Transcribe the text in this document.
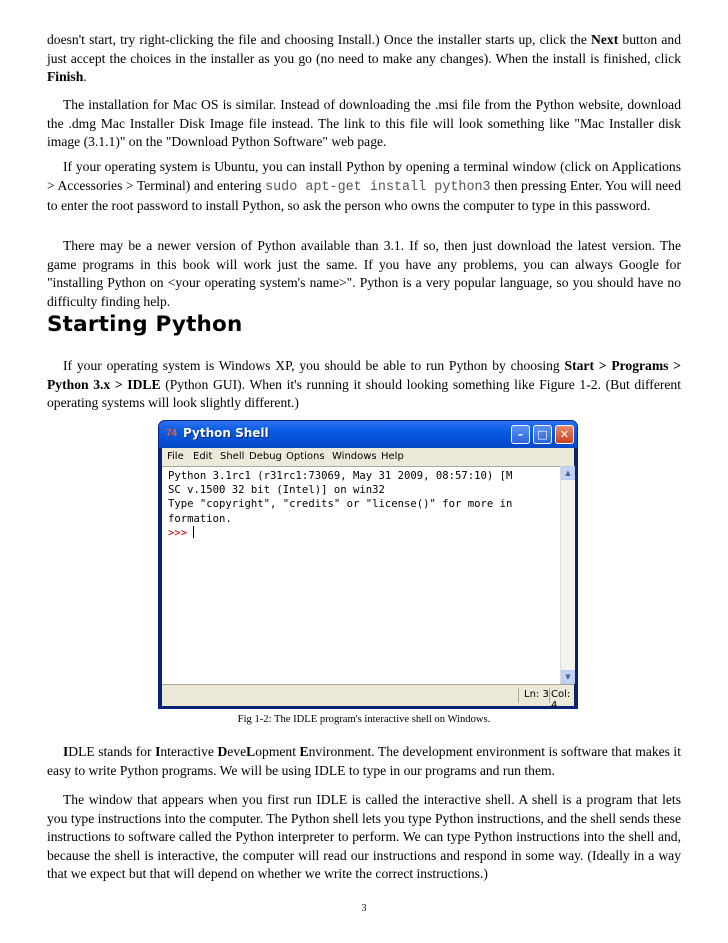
doesn't start, try right-clicking the file and choosing Install.) Once the installer starts up, click the Next button and just accept the choices in the installer as you go (no need to make any changes). When the install is finished, click Finish.

The installation for Mac OS is similar. Instead of downloading the .msi file from the Python website, download the .dmg Mac Installer Disk Image file instead. The link to this file will look something like "Mac Installer disk image (3.1.1)" on the "Download Python Software" web page.

If your operating system is Ubuntu, you can install Python by opening a terminal window (click on Applications > Accessories > Terminal) and entering sudo apt-get install python3 then pressing Enter. You will need to enter the root password to install Python, so ask the person who owns the computer to type in this password.

There may be a newer version of Python available than 3.1. If so, then just download the latest version. The game programs in this book will work just the same. If you have any problems, you can always Google for "installing Python on <your operating system's name>". Python is a very popular language, so you should have no difficulty finding help.

Starting Python

If your operating system is Windows XP, you should be able to run Python by choosing Start > Programs > Python 3.x > IDLE (Python GUI). When it's running it should looking something like Figure 1-2. (But different operating systems will look slightly different.)

IDLE stands for Interactive DeveLopment Environment. The development environment is software that makes it easy to write Python programs. We will be using IDLE to type in our programs and run them.

The window that appears when you first run IDLE is called the interactive shell. A shell is a program that lets you type instructions into the computer. The Python shell lets you type Python instructions, and the shell sends these instructions to software called the Python interpreter to perform. We can type Python instructions into the shell and, because the shell is interactive, the computer will read our instructions and respond in some way. (Ideally in a way that we expect but that will depend on whether we write the correct instructions.)

74 Python Shell	–	□	✕
File Edit Shell Debug Options Windows Help
Python 3.1rc1 (r31rc1:73069, May 31 2009, 08:57:10) [M
SC v.1500 32 bit (Intel)] on win32
Type "copyright", "credits" or "license()" for more in
formation.
>>>
▲
▼
Ln: 3 Col: 4
Fig 1-2: The IDLE program's interactive shell on Windows.
3
